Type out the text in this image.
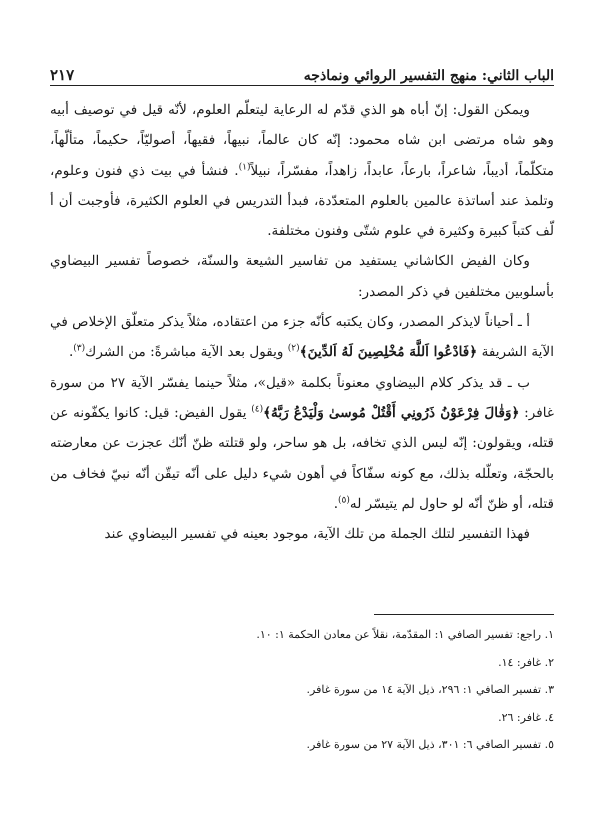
الباب الثاني: منهج التفسير الروائي ونماذجه
٢١٧

ويمكن القول: إنّ أباه هو الذي قدّم له الرعاية ليتعلّم العلوم، لأنّه قيل في توصيف أبيه وهو شاه مرتضى ابن شاه محمود: إنّه كان عالماً، نبيهاً، فقيهاً، أصوليّاً، حكيماً، متألّهاً، متكلّماً، أديباً، شاعراً، بارعاً، عابداً، زاهداً، مفسّراً، نبيلاً$^{(١)}$. فنشأ في بيت ذي فنون وعلوم، وتلمذ عند أساتذة عالمين بالعلوم المتعدّدة، فبدأ التدريس في العلوم الكثيرة، فأوجبت أن أ لّف كتباً كبيرة وكثيرة في علوم شتّى وفنون مختلفة.

وكان الفيض الكاشاني يستفيد من تفاسير الشيعة والسنّة، خصوصاً تفسير البيضاوي بأسلوبين مختلفين في ذكر المصدر:

أ ـ أحياناً لايذكر المصدر، وكان يكتبه كأنّه جزء من اعتقاده، مثلاً يذكر متعلّق الإخلاص في الآية الشريفة ﴿فَادْعُوا اَللَّهَ مُخْلِصِينَ لَهُ اَلدِّينَ﴾$^{(٢)}$ ويقول بعد الآية مباشرةً: من الشرك$^{(٣)}$.

ب ـ قد يذكر كلام البيضاوي معنوناً بكلمة «قيل»، مثلاً حينما يفسّر الآية ٢٧ من سورة غافر: ﴿وَقٰالَ فِرْعَوْنُ ذَرُونِي أَقْتُلْ مُوسىٰ وَلْيَدْعُ رَبَّهُ﴾$^{(٤)}$ يقول الفيض: قيل: كانوا يكفّونه عن قتله، ويقولون: إنّه ليس الذي تخافه، بل هو ساحر، ولو قتلته ظنّ أنّك عجزت عن معارضته بالحجّة، وتعلّله بذلك، مع كونه سفّاكاً في أهون شيء دليل على أنّه تيقّن أنّه نبيّ فخاف من قتله، أو ظنّ أنّه لو حاول لم يتيسّر له$^{(٥)}$.

فهذا التفسير لتلك الجملة من تلك الآية، موجود بعينه في تفسير البيضاوي عند

١. راجع: تفسير الصافي ١: المقدّمة، نقلاً عن معادن الحكمة ١: ١٠.

٢. غافر: ١٤.

٣. تفسير الصافي ١: ٢٩٦، ذيل الآية ١٤ من سورة غافر.

٤. غافر: ٢٦.

٥. تفسير الصافي ٦: ٣٠١، ذيل الآية ٢٧ من سورة غافر.
